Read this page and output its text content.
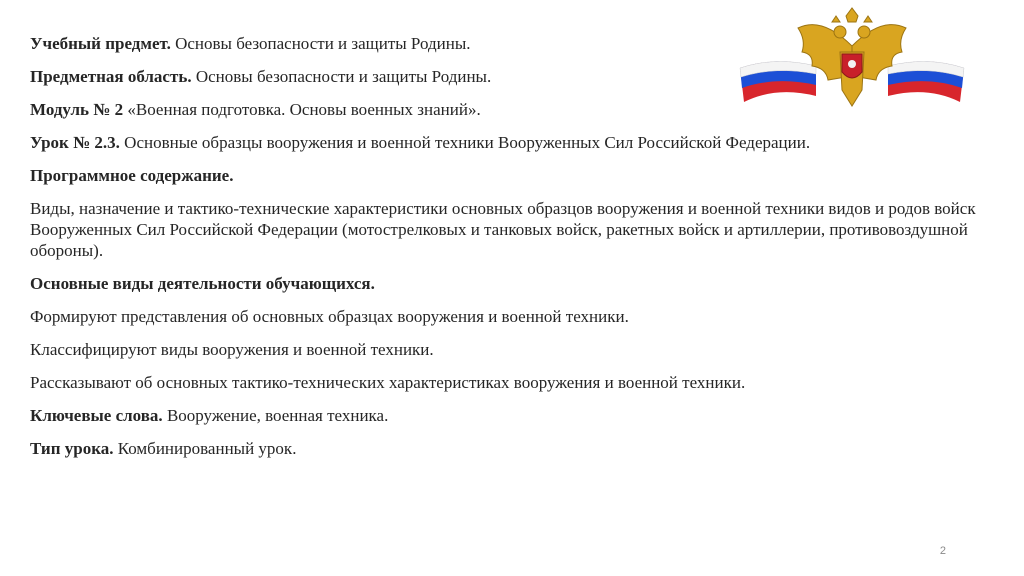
Учебный предмет. Основы безопасности и защиты Родины.

Предметная область. Основы безопасности и защиты Родины.

Модуль № 2 «Военная подготовка. Основы военных знаний».

Урок № 2.3. Основные образцы вооружения и военной техники Вооруженных Сил Российской Федерации.

Программное содержание.

Виды, назначение и тактико-технические характеристики основных образцов вооружения и военной техники видов и родов войск Вооруженных Сил Российской Федерации (мотострелковых и танковых войск, ракетных войск и артиллерии, противовоздушной обороны).

Основные виды деятельности обучающихся.

Формируют представления об основных образцах вооружения и военной техники.

Классифицируют виды вооружения и военной техники.

Рассказывают об основных тактико-технических характеристиках вооружения и военной техники.

Ключевые слова. Вооружение, военная техника.

Тип урока. Комбинированный урок.

2
